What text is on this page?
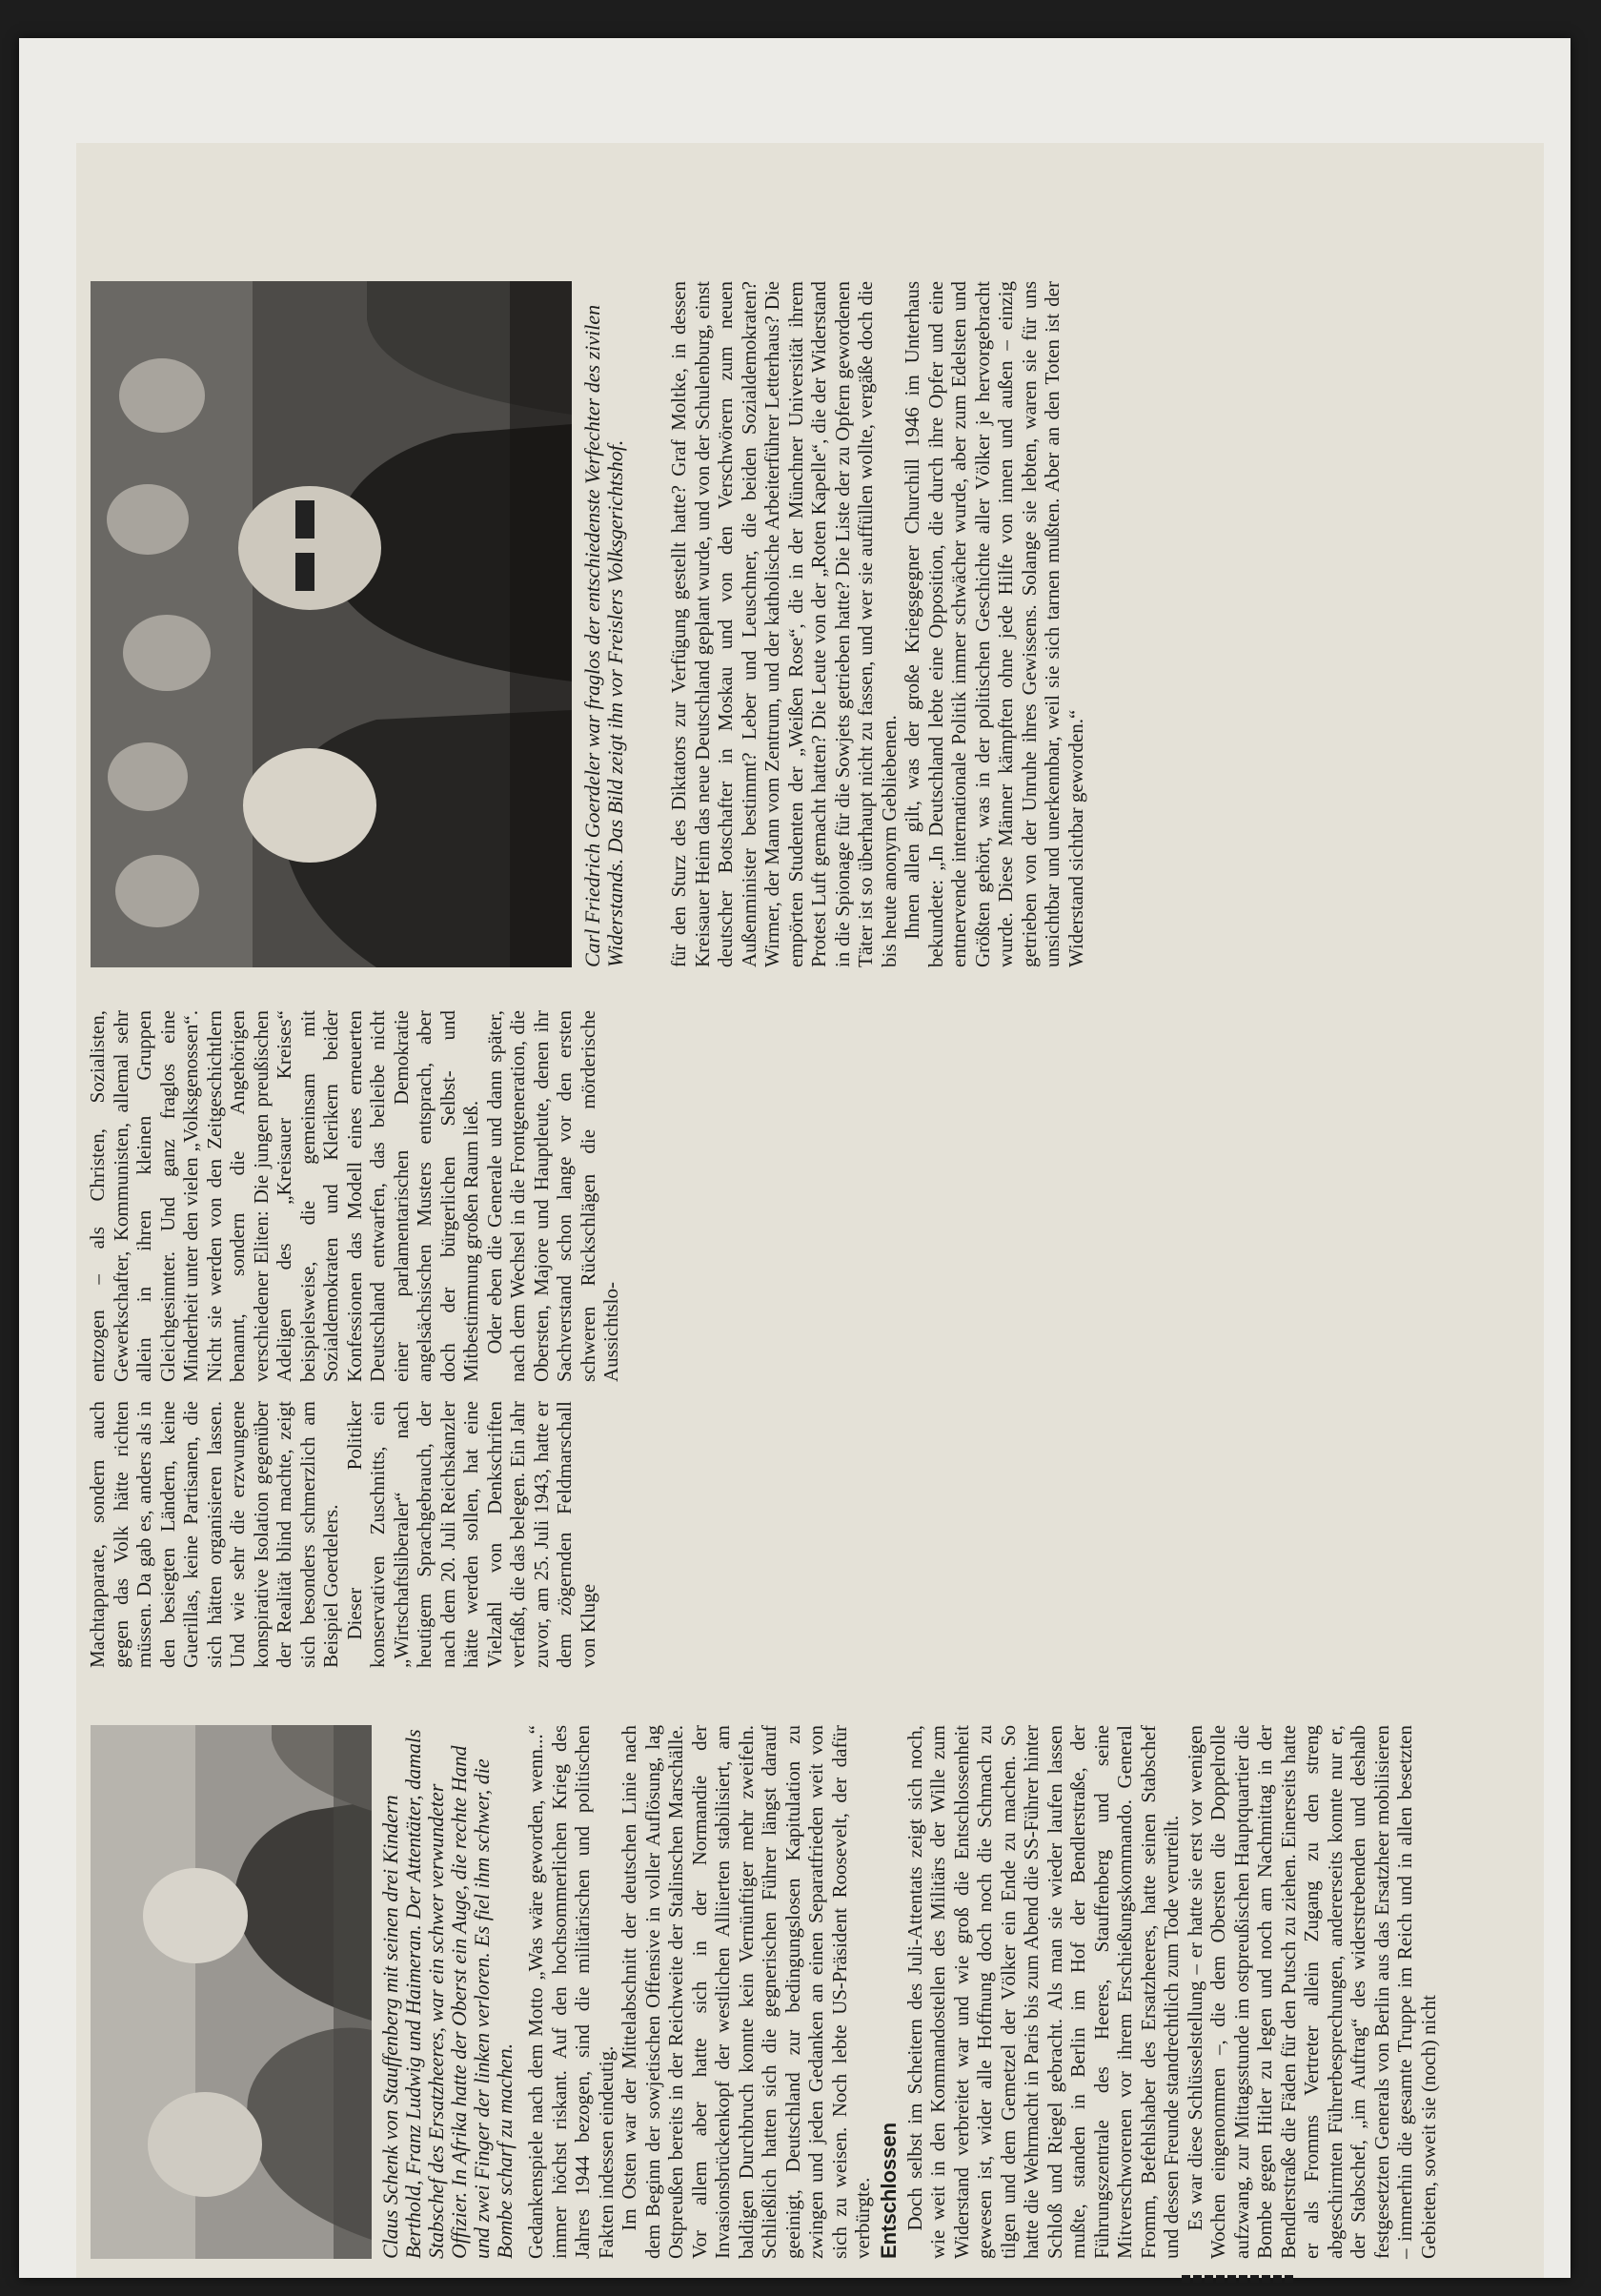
Claus Schenk von Stauffenberg mit seinen drei Kindern Berthold, Franz Ludwig und Haimeran. Der Attentäter, damals Stabschef des Ersatzheeres, war ein schwer verwundeter Offizier. In Afrika hatte der Oberst ein Auge, die rechte Hand und zwei Finger der linken verloren. Es fiel ihm schwer, die Bombe scharf zu machen. Gedankenspiele nach dem Motto „Was wäre geworden, wenn...“ immer höchst riskant. Auf den hochsommerlichen Krieg des Jahres 1944 bezogen, sind die militärischen und politischen Fakten indessen eindeutig. Im Osten war der Mittelabschnitt der deutschen Linie nach dem Beginn der sowjetischen Offensive in voller Auflösung, lag Ostpreußen bereits in der Reichweite der Stalinschen Marschälle. Vor allem aber hatte sich in der Normandie der Invasionsbrückenkopf der westlichen Alliierten stabilisiert, am baldigen Durchbruch konnte kein Vernünftiger mehr zweifeln. Schließlich hatten sich die gegnerischen Führer längst darauf geeinigt, Deutschland zur bedingungslosen Kapitulation zu zwingen und jeden Gedanken an einen Separatfrieden weit von sich zu weisen. Noch lebte US-Präsident Roosevelt, der dafür verbürgte. Entschlossen Doch selbst im Scheitern des Juli-Attentats zeigt sich noch, wie weit in den Kommandostellen des Militärs der Wille zum Widerstand verbreitet war und wie groß die Entschlossenheit gewesen ist, wider alle Hoffnung doch noch die Schmach zu tilgen und dem Gemetzel der Völker ein Ende zu machen. So hatte die Wehrmacht in Paris bis zum Abend die SS-Führer hinter Schloß und Riegel gebracht. Als man sie wieder laufen lassen mußte, standen in Berlin im Hof der Bendlerstraße, der Führungszentrale des Heeres, Stauffenberg und seine Mitverschworenen vor ihrem Erschießungskommando. General Fromm, Befehlshaber des Ersatzheeres, hatte seinen Stabschef und dessen Freunde standrechtlich zum Tode verurteilt. Es war diese Schlüsselstellung – er hatte sie erst vor wenigen Wochen eingenommen –, die dem Obersten die Doppelrolle aufzwang, zur Mittagsstunde im ostpreußischen Hauptquartier die Bombe gegen Hitler zu legen und noch am Nachmittag in der Bendlerstraße die Fäden für den Putsch zu ziehen. Einerseits hatte er als Fromms Vertreter allein Zugang zu den streng abgeschirmten Führerbesprechungen, andererseits konnte nur er, der Stabschef, „im Auftrag“ des widerstrebenden und deshalb festgesetzten Generals von Berlin aus das Ersatzheer mobilisieren – immerhin die gesamte Truppe im Reich und in allen besetzten Gebieten, soweit sie (noch) nicht

Machtapparate, sondern auch gegen das Volk hätte richten müssen. Da gab es, anders als in den besiegten Ländern, keine Guerillas, keine Partisanen, die sich hätten organisieren lassen. Und wie sehr die erzwungene konspirative Isolation gegenüber der Realität blind machte, zeigt sich besonders schmerzlich am Beispiel Goerdelers. Dieser Politiker konservativen Zuschnitts, ein „Wirtschaftsliberaler“ nach heutigem Sprachgebrauch, der nach dem 20. Juli Reichskanzler hätte werden sollen, hat eine Vielzahl von Denkschriften verfaßt, die das belegen. Ein Jahr zuvor, am 25. Juli 1943, hatte er dem zögernden Feldmarschall von Kluge

entzogen – als Christen, Sozialisten, Gewerkschafter, Kommunisten, allemal sehr allein in ihren kleinen Gruppen Gleichgesinnter. Und ganz fraglos eine Minderheit unter den vielen „Volksgenossen“. Nicht sie werden von den Zeitgeschichtlern benannt, sondern die Angehörigen verschiedener Eliten: Die jungen preußischen Adeligen des „Kreisauer Kreises“ beispielsweise, die gemeinsam mit Sozialdemokraten und Klerikern beider Konfessionen das Modell eines erneuerten Deutschland entwarfen, das beileibe nicht einer parlamentarischen Demokratie angelsächsischen Musters entsprach, aber doch der bürgerlichen Selbst- und Mitbestimmung großen Raum ließ. Oder eben die Generale und dann später, nach dem Wechsel in die Frontgeneration, die Obersten, Majore und Hauptleute, denen ihr Sachverstand schon lange vor den ersten schweren Rückschlägen die mörderische Aussichtslo-

Carl Friedrich Goerdeler war fraglos der entschiedenste Verfechter des zivilen Widerstands. Das Bild zeigt ihn vor Freislers Volksgerichtshof. für den Sturz des Diktators zur Verfügung gestellt hatte? Graf Moltke, in dessen Kreisauer Heim das neue Deutschland geplant wurde, und von der Schulenburg, einst deutscher Botschafter in Moskau und von den Verschwörern zum neuen Außenminister bestimmt? Leber und Leuschner, die beiden Sozialdemokraten? Wirmer, der Mann vom Zentrum, und der katholische Arbeiterführer Letterhaus? Die empörten Studenten der „Weißen Rose“, die in der Münchner Universität ihrem Protest Luft gemacht hatten? Die Leute von der „Roten Kapelle“, die der Widerstand in die Spionage für die Sowjets getrieben hatte? Die Liste der zu Opfern gewordenen Täter ist so überhaupt nicht zu fassen, und wer sie auffüllen wollte, vergäße doch die bis heute anonym Gebliebenen. Ihnen allen gilt, was der große Kriegsgegner Churchill 1946 im Unterhaus bekundete: „In Deutschland lebte eine Opposition, die durch ihre Opfer und eine entnervende internationale Politik immer schwächer wurde, aber zum Edelsten und Größten gehört, was in der politischen Geschichte aller Völker je hervorgebracht wurde. Diese Männer kämpften ohne jede Hilfe von innen und außen – einzig getrieben von der Unruhe ihres Gewissens. Solange sie lebten, waren sie für uns unsichtbar und unerkennbar, weil sie sich tarnen mußten. Aber an den Toten ist der Widerstand sichtbar geworden.“
